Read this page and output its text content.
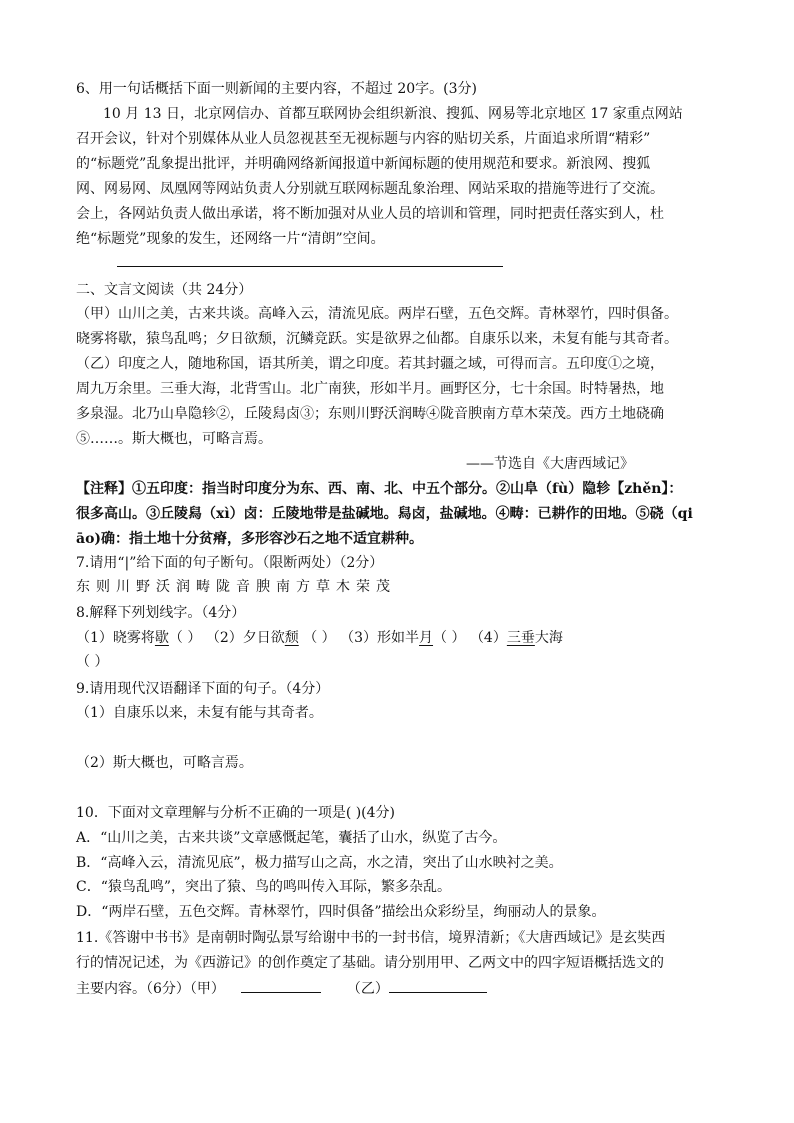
6、用一句话概括下面一则新闻的主要内容，不超过 20字。(3分)
10 月 13 日，北京网信办、首都互联网协会组织新浪、搜狐、网易等北京地区 17 家重点网站
召开会议，针对个别媒体从业人员忽视甚至无视标题与内容的贴切关系，片面追求所谓“精彩”
的“标题党”乱象提出批评，并明确网络新闻报道中新闻标题的使用规范和要求。新浪网、搜狐
网、网易网、凤凰网等网站负责人分别就互联网标题乱象治理、网站采取的措施等进行了交流。
会上，各网站负责人做出承诺，将不断加强对从业人员的培训和管理，同时把责任落实到人，杜
绝“标题党”现象的发生，还网络一片“清朗”空间。
二、文言文阅读（共 24分）
（甲）山川之美，古来共谈。高峰入云，清流见底。两岸石壁，五色交辉。青林翠竹，四时俱备。
晓雾将歇，猿鸟乱鸣；夕日欲颓，沉鳞竞跃。实是欲界之仙都。自康乐以来，未复有能与其奇者。
（乙）印度之人，随地称国，语其所美，谓之印度。若其封疆之域，可得而言。五印度①之境，
周九万余里。三垂大海，北背雪山。北广南狭，形如半月。画野区分，七十余国。时特暑热，地
多泉湿。北乃山阜隐轸②，丘陵舄卤③；东则川野沃润畴④陇音腴南方草木荣茂。西方土地硗确
⑤……。斯大概也，可略言焉。
——节选自《大唐西域记》
【注释】①五印度：指当时印度分为东、西、南、北、中五个部分。②山阜（fù）隐轸【zhěn】：
很多高山。③丘陵舄（xì）卤：丘陵地带是盐碱地。舄卤，盐碱地。④畴：已耕作的田地。⑤硗（qi
āo)确：指土地十分贫瘠，多形容沙石之地不适宜耕种。
7.请用“|”给下面的句子断句。（限断两处）（2分）
东则川野沃润畴陇音腴南方草木荣茂
8.解释下列划线字。（4分）
（1）晓雾将歇（ ） （2）夕日欲颓 （ ） （3）形如半月（ ） （4）三垂大海
（ ）
9.请用现代汉语翻译下面的句子。（4分）
（1）自康乐以来，未复有能与其奇者。
（2）斯大概也，可略言焉。
10．下面对文章理解与分析不正确的一项是( )(4分)
A．“山川之美，古来共谈”文章感慨起笔，囊括了山水，纵览了古今。
B．“高峰入云，清流见底”，极力描写山之高，水之清，突出了山水映衬之美。
C．“猿鸟乱鸣”，突出了猿、鸟的鸣叫传入耳际，繁多杂乱。
D．“两岸石壁，五色交辉。青林翠竹，四时俱备”描绘出众彩纷呈，绚丽动人的景象。
11.《答谢中书书》是南朝时陶弘景写给谢中书的一封书信，境界清新；《大唐西域记》是玄奘西
行的情况记述，为《西游记》的创作奠定了基础。请分别用甲、乙两文中的四字短语概括选文的
主要内容。（6分）（甲）	（乙）
